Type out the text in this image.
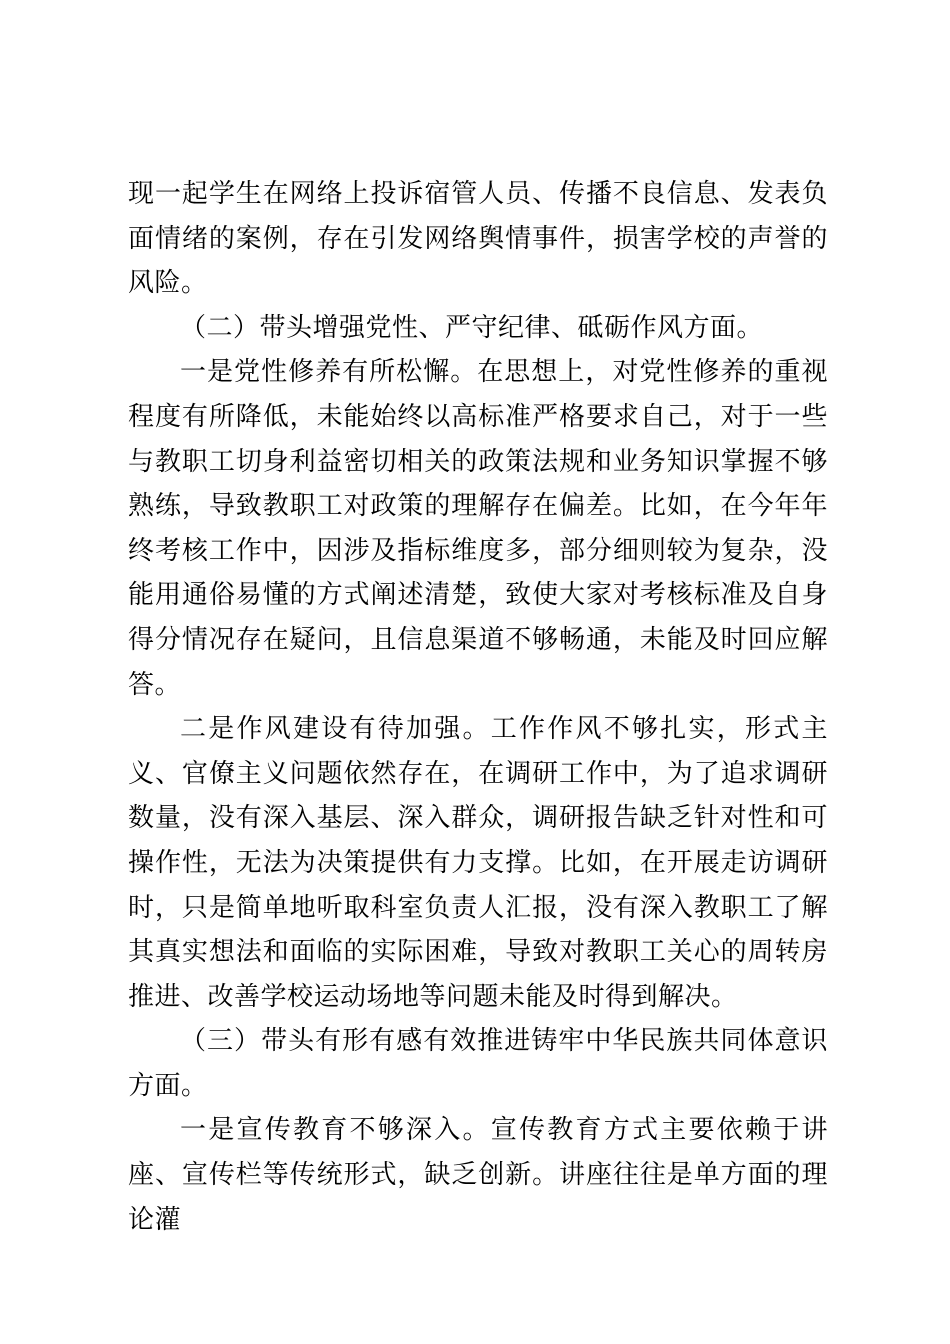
现一起学生在网络上投诉宿管人员、传播不良信息、发表负面情绪的案例，存在引发网络舆情事件，损害学校的声誉的风险。

（二）带头增强党性、严守纪律、砥砺作风方面。

一是党性修养有所松懈。在思想上，对党性修养的重视程度有所降低，未能始终以高标准严格要求自己，对于一些与教职工切身利益密切相关的政策法规和业务知识掌握不够熟练，导致教职工对政策的理解存在偏差。比如，在今年年终考核工作中，因涉及指标维度多，部分细则较为复杂，没能用通俗易懂的方式阐述清楚，致使大家对考核标准及自身得分情况存在疑问，且信息渠道不够畅通，未能及时回应解答。

二是作风建设有待加强。工作作风不够扎实，形式主义、官僚主义问题依然存在，在调研工作中，为了追求调研数量，没有深入基层、深入群众，调研报告缺乏针对性和可操作性，无法为决策提供有力支撑。比如，在开展走访调研时，只是简单地听取科室负责人汇报，没有深入教职工了解其真实想法和面临的实际困难，导致对教职工关心的周转房推进、改善学校运动场地等问题未能及时得到解决。

（三）带头有形有感有效推进铸牢中华民族共同体意识方面。

一是宣传教育不够深入。宣传教育方式主要依赖于讲座、宣传栏等传统形式，缺乏创新。讲座往往是单方面的理论灌
